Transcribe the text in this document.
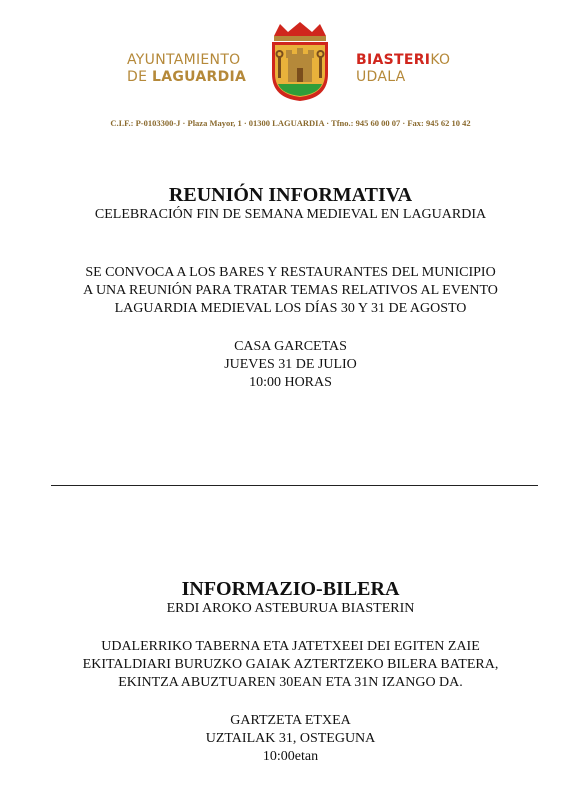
AYUNTAMIENTO
DE LAGUARDIA
BIASTERIKO
UDALA
C.I.F.: P-0103300-J · Plaza Mayor, 1 · 01300 LAGUARDIA · Tfno.: 945 60 00 07 · Fax: 945 62 10 42
REUNIÓN INFORMATIVA
CELEBRACIÓN FIN DE SEMANA MEDIEVAL EN LAGUARDIA
SE CONVOCA A LOS BARES Y RESTAURANTES DEL MUNICIPIO
A UNA REUNIÓN PARA TRATAR TEMAS RELATIVOS AL EVENTO
LAGUARDIA MEDIEVAL LOS DÍAS 30 Y 31 DE AGOSTO
CASA GARCETAS
JUEVES 31 DE JULIO
10:00 HORAS
INFORMAZIO-BILERA
ERDI AROKO ASTEBURUA BIASTERIN
UDALERRIKO TABERNA ETA JATETXEEI DEI EGITEN ZAIE
EKITALDIARI BURUZKO GAIAK AZTERTZEKO BILERA BATERA,
EKINTZA ABUZTUAREN 30EAN ETA 31N IZANGO DA.
GARTZETA ETXEA
UZTAILAK 31, OSTEGUNA
10:00etan
